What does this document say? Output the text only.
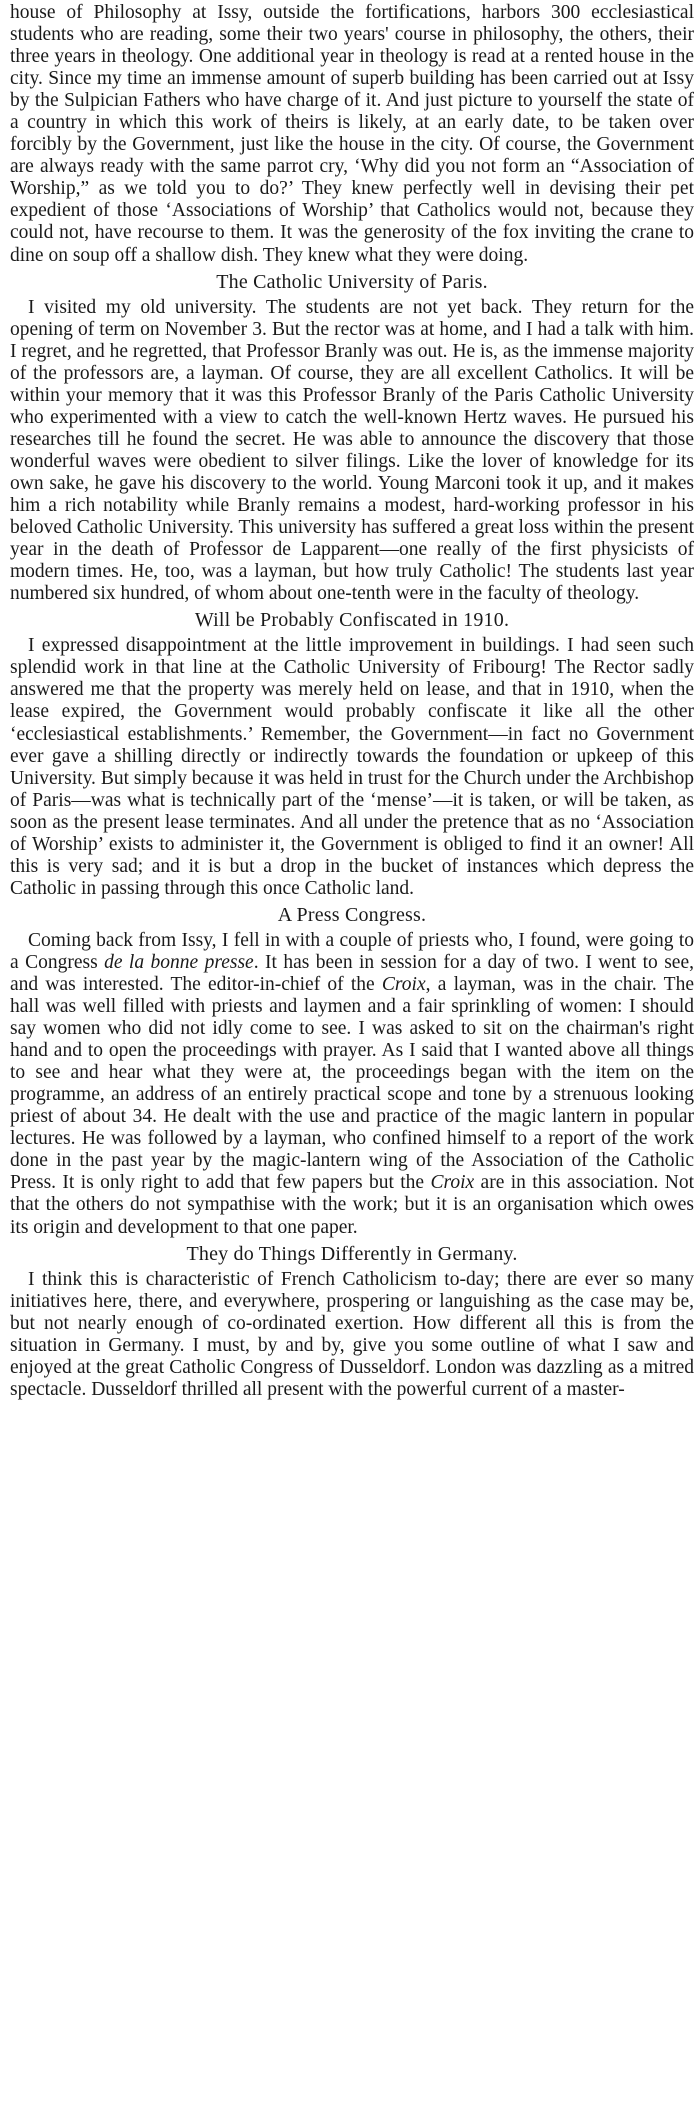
house of Philosophy at Issy, outside the fortifications, harbors 300 ecclesiastical students who are reading, some their two years' course in philosophy, the others, their three years in theology. One additional year in theology is read at a rented house in the city. Since my time an immense amount of superb building has been carried out at Issy by the Sulpician Fathers who have charge of it. And just picture to yourself the state of a country in which this work of theirs is likely, at an early date, to be taken over forcibly by the Government, just like the house in the city. Of course, the Government are always ready with the same parrot cry, ‘Why did you not form an “Association of Worship,” as we told you to do?’ They knew perfectly well in devising their pet expedient of those ‘Associations of Worship’ that Catholics would not, because they could not, have recourse to them. It was the generosity of the fox inviting the crane to dine on soup off a shallow dish. They knew what they were doing.

The Catholic University of Paris.

I visited my old university. The students are not yet back. They return for the opening of term on November 3. But the rector was at home, and I had a talk with him. I regret, and he regretted, that Professor Branly was out. He is, as the immense majority of the professors are, a layman. Of course, they are all excellent Catholics. It will be within your memory that it was this Professor Branly of the Paris Catholic University who experimented with a view to catch the well-known Hertz waves. He pursued his researches till he found the secret. He was able to announce the discovery that those wonderful waves were obedient to silver filings. Like the lover of knowledge for its own sake, he gave his discovery to the world. Young Marconi took it up, and it makes him a rich notability while Branly remains a modest, hard-working professor in his beloved Catholic University. This university has suffered a great loss within the present year in the death of Professor de Lapparent—one really of the first physicists of modern times. He, too, was a layman, but how truly Catholic! The students last year numbered six hundred, of whom about one-tenth were in the faculty of theology.

Will be Probably Confiscated in 1910.

I expressed disappointment at the little improvement in buildings. I had seen such splendid work in that line at the Catholic University of Fribourg! The Rector sadly answered me that the property was merely held on lease, and that in 1910, when the lease expired, the Government would probably confiscate it like all the other ‘ecclesiastical establishments.’ Remember, the Government—in fact no Government ever gave a shilling directly or indirectly towards the foundation or upkeep of this University. But simply because it was held in trust for the Church under the Archbishop of Paris—was what is technically part of the ‘mense’—it is taken, or will be taken, as soon as the present lease terminates. And all under the pretence that as no ‘Association of Worship’ exists to administer it, the Government is obliged to find it an owner! All this is very sad; and it is but a drop in the bucket of instances which depress the Catholic in passing through this once Catholic land.

A Press Congress.

Coming back from Issy, I fell in with a couple of priests who, I found, were going to a Congress de la bonne presse. It has been in session for a day of two. I went to see, and was interested. The editor-in-chief of the Croix, a layman, was in the chair. The hall was well filled with priests and laymen and a fair sprinkling of women: I should say women who did not idly come to see. I was asked to sit on the chairman's right hand and to open the proceedings with prayer. As I said that I wanted above all things to see and hear what they were at, the proceedings began with the item on the programme, an address of an entirely practical scope and tone by a strenuous looking priest of about 34. He dealt with the use and practice of the magic lantern in popular lectures. He was followed by a layman, who confined himself to a report of the work done in the past year by the magic-lantern wing of the Association of the Catholic Press. It is only right to add that few papers but the Croix are in this association. Not that the others do not sympathise with the work; but it is an organisation which owes its origin and development to that one paper.

They do Things Differently in Germany.

I think this is characteristic of French Catholicism to-day; there are ever so many initiatives here, there, and everywhere, prospering or languishing as the case may be, but not nearly enough of co-ordinated exertion. How different all this is from the situation in Germany. I must, by and by, give you some outline of what I saw and enjoyed at the great Catholic Congress of Dusseldorf. London was dazzling as a mitred spectacle. Dusseldorf thrilled all present with the powerful current of a master-
